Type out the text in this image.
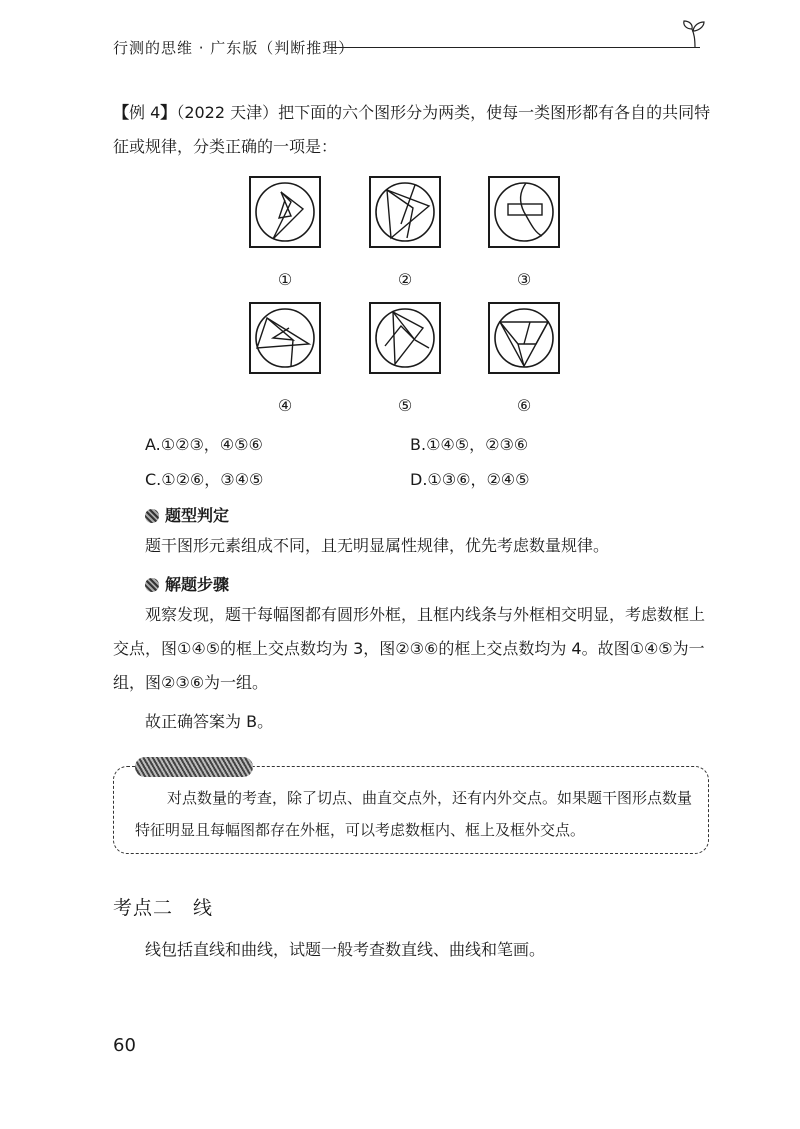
行测的思维 · 广东版（判断推理）
【例 4】（2022 天津）把下面的六个图形分为两类，使每一类图形都有各自的共同特征或规律，分类正确的一项是：
①	②	③
④	⑤	⑥
A.①②③，④⑤⑥	B.①④⑤，②③⑥
C.①②⑥，③④⑤	D.①③⑥，②④⑤
题型判定
题干图形元素组成不同，且无明显属性规律，优先考虑数量规律。
解题步骤
观察发现，题干每幅图都有圆形外框，且框内线条与外框相交明显，考虑数框上交点，图①④⑤的框上交点数均为 3，图②③⑥的框上交点数均为 4。故图①④⑤为一组，图②③⑥为一组。
故正确答案为 B。
对点数量的考查，除了切点、曲直交点外，还有内外交点。如果题干图形点数量特征明显且每幅图都存在外框，可以考虑数框内、框上及框外交点。
考点二　线
线包括直线和曲线，试题一般考查数直线、曲线和笔画。
60
